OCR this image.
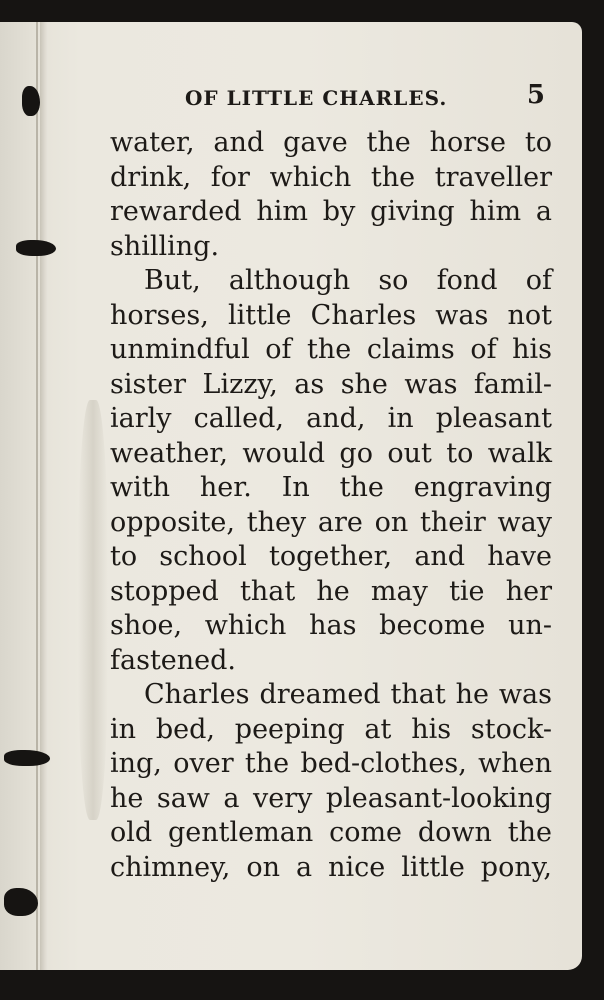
OF LITTLE CHARLES.	5
water, and gave the horse to
drink, for which the traveller
rewarded him by giving him a
shilling.
But, although so fond of
horses, little Charles was not
unmindful of the claims of his
sister Lizzy, as she was famil-
iarly called, and, in pleasant
weather, would go out to walk
with her. In the engraving
opposite, they are on their way
to school together, and have
stopped that he may tie her
shoe, which has become un-
fastened.
Charles dreamed that he was
in bed, peeping at his stock-
ing, over the bed-clothes, when
he saw a very pleasant-looking
old gentleman come down the
chimney, on a nice little pony,
